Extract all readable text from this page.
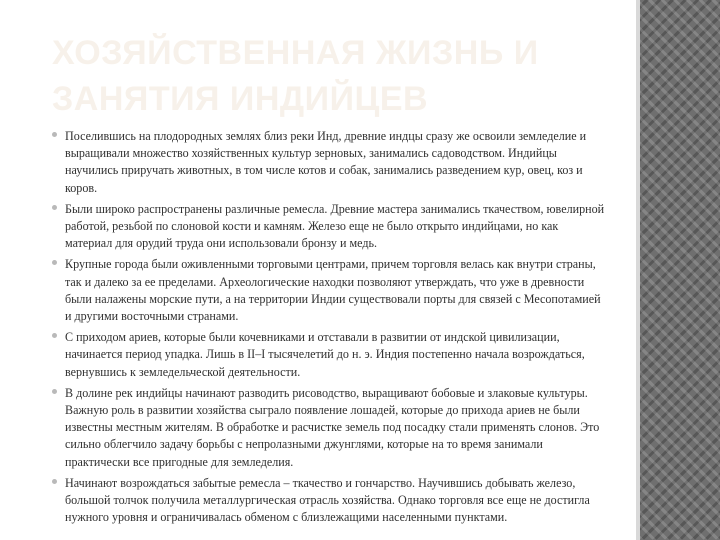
ХОЗЯЙСТВЕННАЯ ЖИЗНЬ И ЗАНЯТИЯ ИНДИЙЦЕВ
Поселившись на плодородных землях близ реки Инд, древние индцы сразу же освоили земледелие и выращивали множество хозяйственных культур зерновых, занимались садоводством. Индийцы научились приручать животных, в том числе котов и собак, занимались разведением кур, овец, коз и коров.
Были широко распространены различные ремесла. Древние мастера занимались ткачеством, ювелирной работой, резьбой по слоновой кости и камням. Железо еще не было открыто индийцами, но как материал для орудий труда они использовали бронзу и медь.
Крупные города были оживленными торговыми центрами, причем торговля велась как внутри страны, так и далеко за ее пределами. Археологические находки позволяют утверждать, что уже в древности были налажены морские пути, а на территории Индии существовали порты для связей с Месопотамией и другими восточными странами.
С приходом ариев, которые были кочевниками и отставали в развитии от индской цивилизации, начинается период упадка. Лишь в II–I тысячелетий до н. э. Индия постепенно начала возрождаться, вернувшись к земледельческой деятельности.
В долине рек индийцы начинают разводить рисоводство, выращивают бобовые и злаковые культуры. Важную роль в развитии хозяйства сыграло появление лошадей, которые до прихода ариев не были известны местным жителям. В обработке и расчистке земель под посадку стали применять слонов. Это сильно облегчило задачу борьбы с непролазными джунглями, которые на то время занимали практически все пригодные для земледелия.
Начинают возрождаться забытые ремесла – ткачество и гончарство. Научившись добывать железо, большой толчок получила металлургическая отрасль хозяйства. Однако торговля все еще не достигла нужного уровня и ограничивалась обменом с близлежащими населенными пунктами.
